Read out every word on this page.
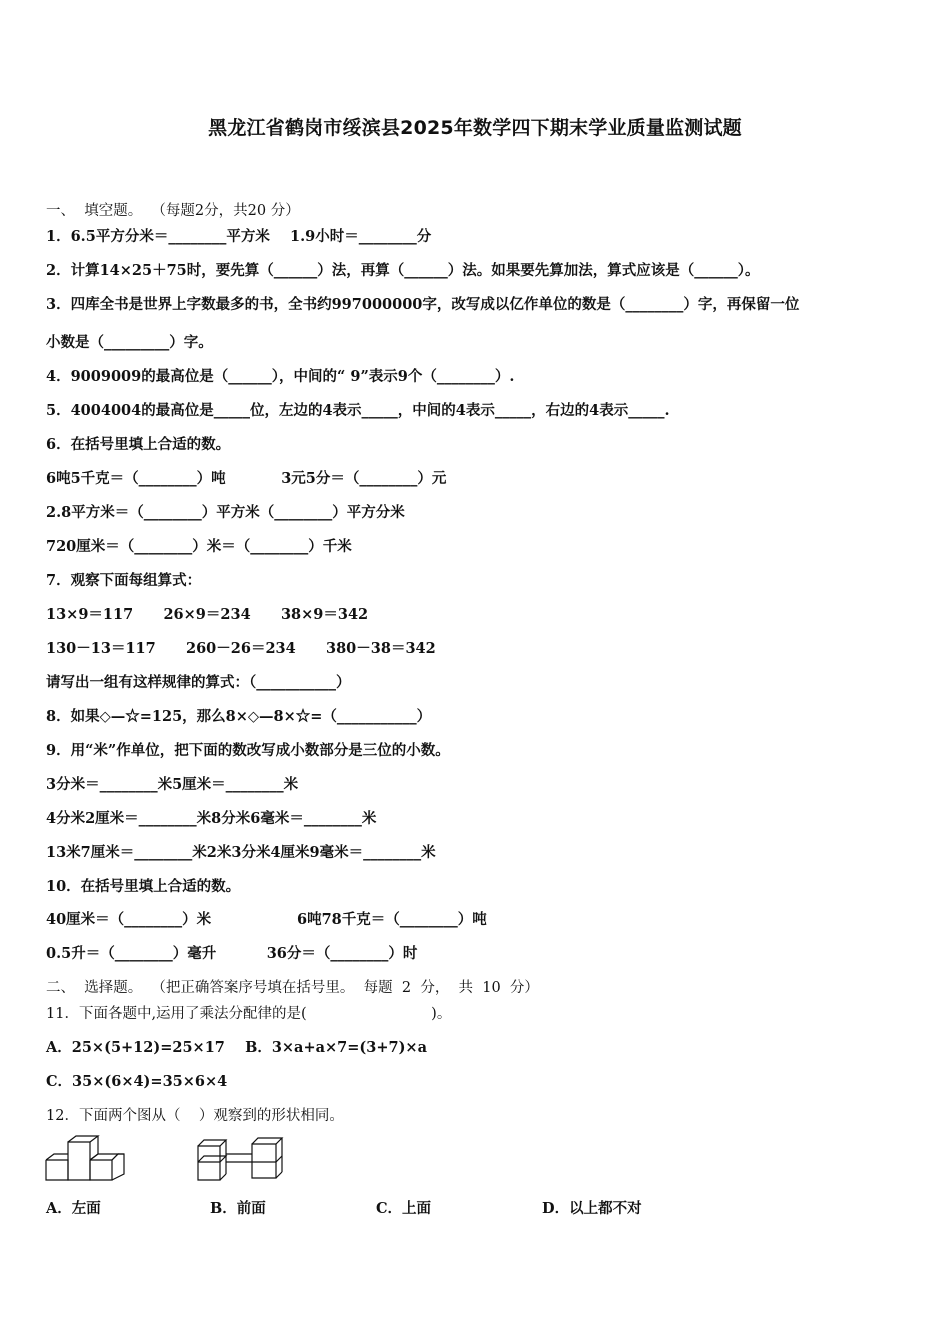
黑龙江省鹤岗市绥滨县2025年数学四下期末学业质量监测试题
一、  填空题。  （每题2分，共20 分）
1．6.5平方分米＝________平方米    1.9小时＝________分
2．计算14×25＋75时，要先算（______）法，再算（______）法。如果要先算加法，算式应该是（______）。
3．四库全书是世界上字数最多的书，全书约997000000字，改写成以亿作单位的数是（________）字，再保留一位
小数是（_________）字。
4．9009009的最高位是（______），中间的“ 9”表示9个（________）.
5．4004004的最高位是_____位，左边的4表示_____，中间的4表示_____，右边的4表示_____.
6．在括号里填上合适的数。
6吨5千克＝（________）吨           3元5分＝（________）元
2.8平方米＝（________）平方米（________）平方分米
720厘米＝（________）米＝（________）千米
7．观察下面每组算式：
13×9＝117      26×9＝234      38×9＝342
130－13＝117      260－26＝234      380－38＝342
请写出一组有这样规律的算式：（___________）
8．如果◇—☆=125，那么8×◇—8×☆=（___________）
9．用“米”作单位，把下面的数改写成小数部分是三位的小数。
3分米＝________米5厘米＝________米
4分米2厘米＝________米8分米6毫米＝________米
13米7厘米＝________米2米3分米4厘米9毫米＝________米
10．在括号里填上合适的数。
40厘米＝（________）米                 6吨78千克＝（________）吨
0.5升＝（________）毫升          36分＝（________）时
二、  选择题。  （把正确答案序号填在括号里。  每题  2  分，  共  10  分）
11．下面各题中,运用了乘法分配律的是(                           )。
A．25×(5+12)=25×17    B．3×a+a×7=(3+7)×a
C．35×(6×4)=35×6×4
12．下面两个图从（    ）观察到的形状相同。
A．左面	B．前面	C．上面	D．以上都不对
